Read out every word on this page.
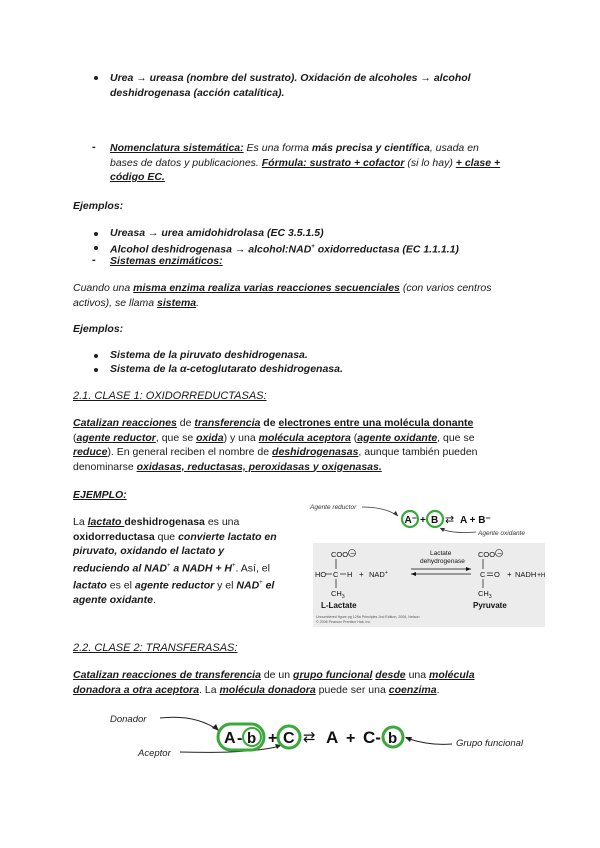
Urea → ureasa (nombre del sustrato). Oxidación de alcoholes → alcohol
deshidrogenasa (acción catalítica).
- Nomenclatura sistemática: Es una forma más precisa y científica, usada en
bases de datos y publicaciones. Fórmula: sustrato + cofactor (si lo hay) + clase +
código EC.
Ejemplos:
Ureasa → urea amidohidrolasa (EC 3.5.1.5)
Alcohol deshidrogenasa → alcohol:NAD+ oxidorreductasa (EC 1.1.1.1)
- Sistemas enzimáticos:
Cuando una misma enzima realiza varias reacciones secuenciales (con varios centros
activos), se llama sistema.
Ejemplos:
Sistema de la piruvato deshidrogenasa.
Sistema de la α-cetoglutarato deshidrogenasa.
2.1. CLASE 1: OXIDORREDUCTASAS:
Catalizan reacciones de transferencia de electrones entre una molécula donante
(agente reductor, que se oxida) y una molécula aceptora (agente oxidante, que se
reduce). En general reciben el nombre de deshidrogenasas, aunque también pueden
denominarse oxidasas, reductasas, peroxidasas y oxigenasas.
EJEMPLO:
La lactato deshidrogenasa es una
oxidorreductasa que convierte lactato en
piruvato, oxidando el lactato y
reduciendo al NAD+ a NADH + H+. Así, el
lactato es el agente reductor y el NAD+ el
agente oxidante.
Agente reductor
A⁻ + B ⇄ A + B⁻
Agente oxidante
COO −
HO C H
$CH_3$
+ NAD+
Lactate
dehydrogenase
COO −
C O
$CH_3$
+ NADH + H
L-Lactate	Pyruvate
Unnumbered figure pg 129a Principles 2nd Edition, 2006, Nelson
© 2006 Pearson Prentice Hall, Inc.
2.2. CLASE 2: TRANSFERASAS:
Catalizan reacciones de transferencia de un grupo funcional desde una molécula
donadora a otra aceptora. La molécula donadora puede ser una coenzima.
Donador
Aceptor
A - b + C ⇄ A + C- b	Grupo funcional
